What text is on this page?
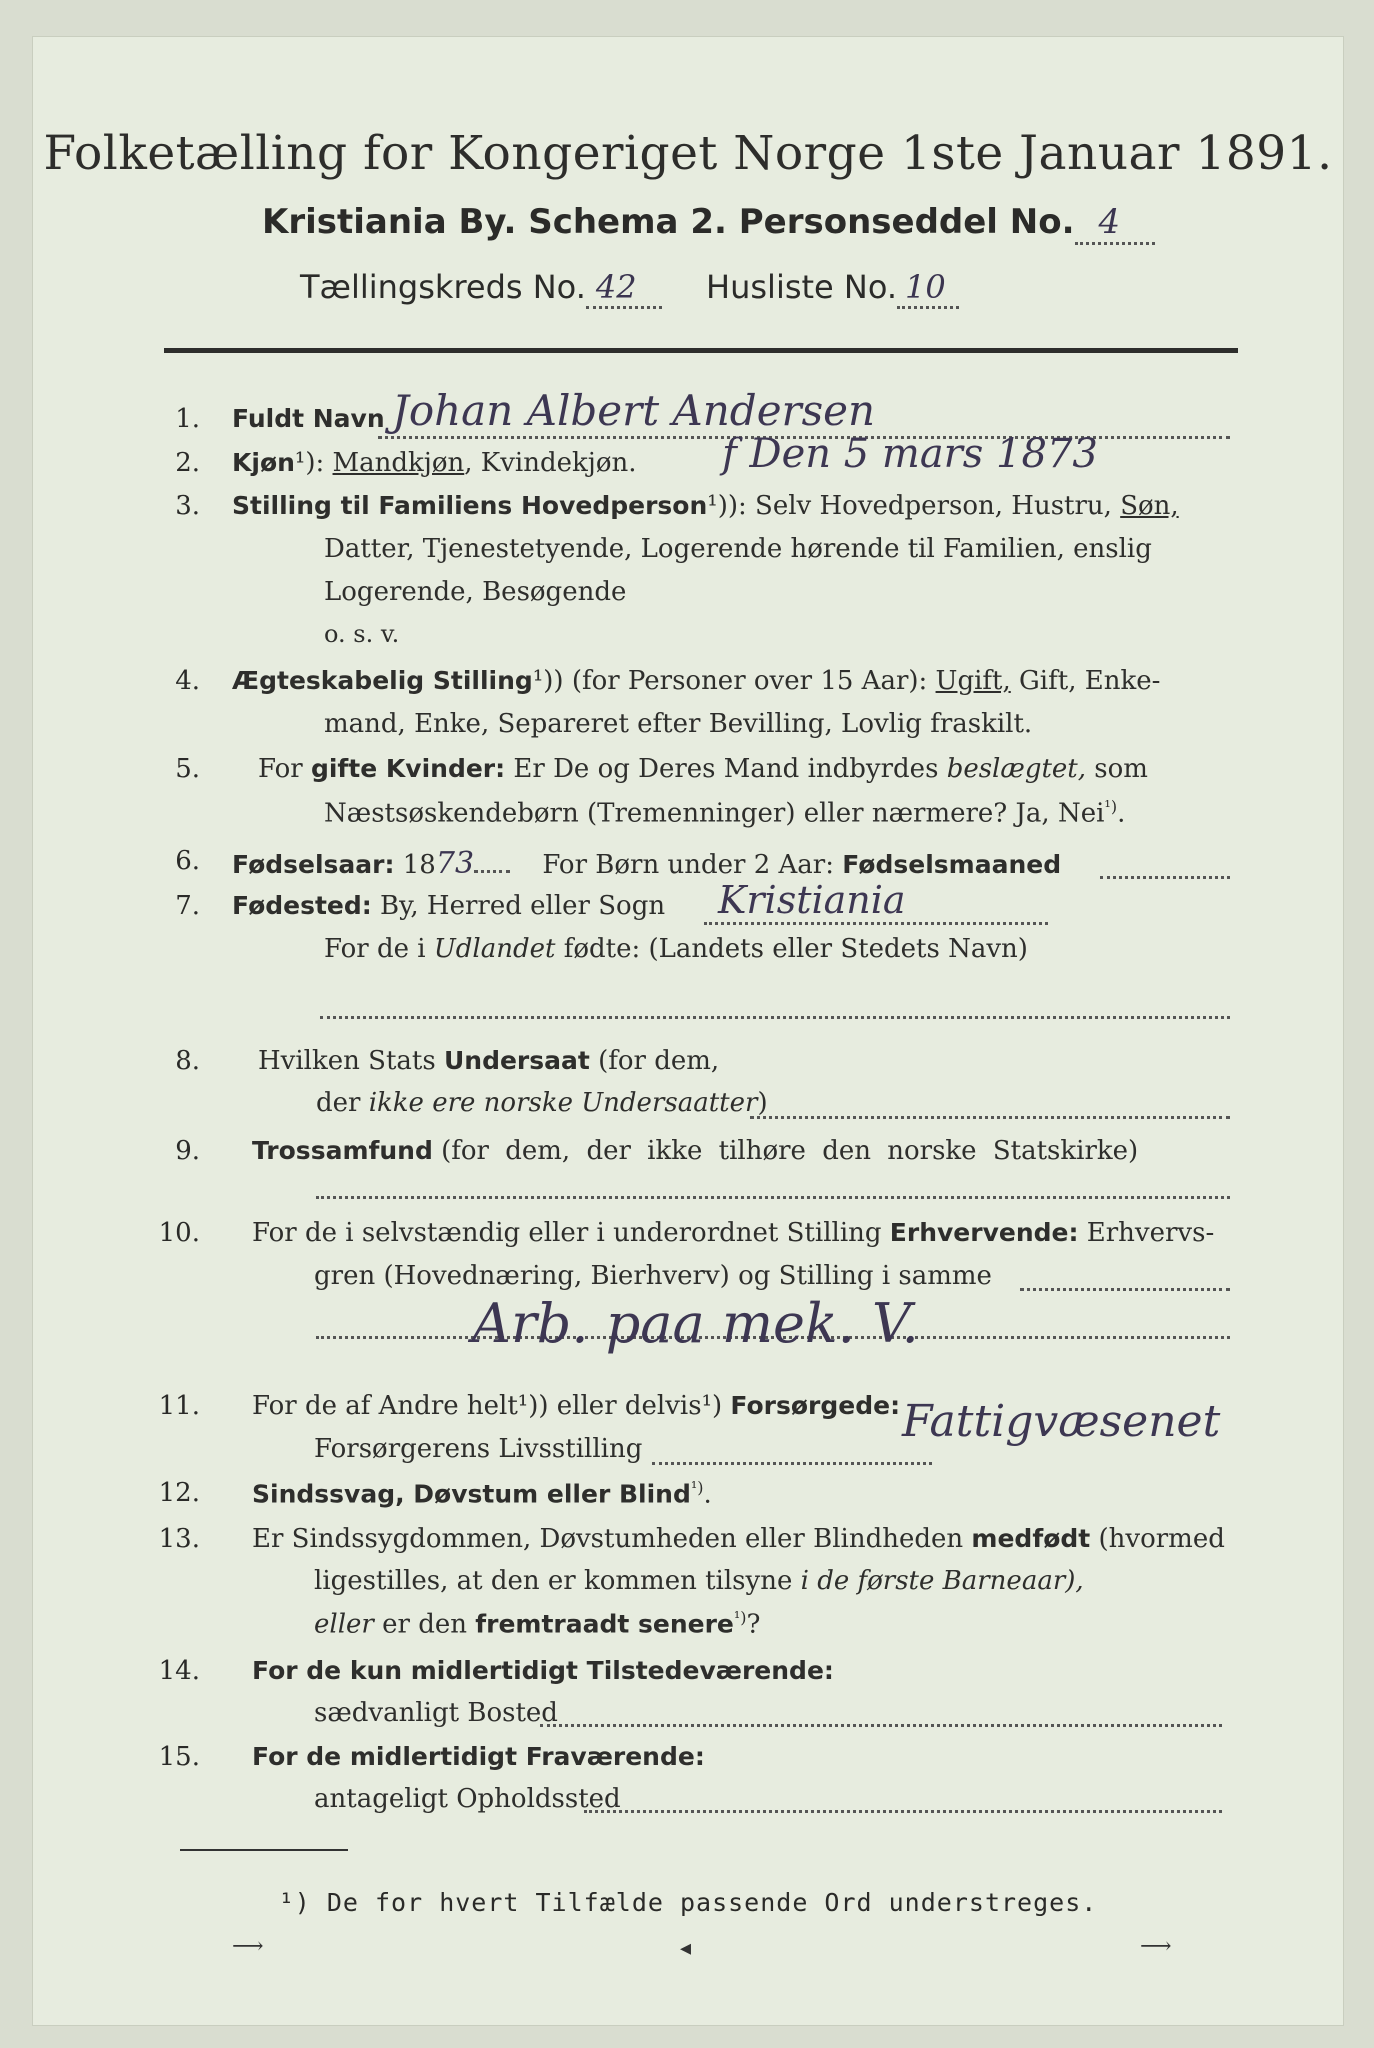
Folketælling for Kongeriget Norge 1ste Januar 1891.
Kristiania By. Schema 2. Personseddel No. 4
Tællingskreds No. 42 Husliste No. 10
1. Fuldt Navn Johan Albert Andersen
2. Kjøn¹): Mandkjøn, Kvindekjøn. f Den 5 mars 1873
3. Stilling til Familiens Hovedperson¹)): Selv Hovedperson, Hustru, Søn,
Datter, Tjenestetyende, Logerende hørende til Familien, enslig
Logerende, Besøgende
o. s. v.
4. Ægteskabelig Stilling¹)) (for Personer over 15 Aar): Ugift, Gift, Enke-
mand, Enke, Separeret efter Bevilling, Lovlig fraskilt.
5. For gifte Kvinder: Er De og Deres Mand indbyrdes beslægtet, som
Næstsøskendebørn (Tremenninger) eller nærmere? Ja, Nei$^{^1)}$.
6. Fødselsaar: 1873	For Børn under 2 Aar: Fødselsmaaned
7. Fødested: By, Herred eller Sogn Kristiania
For de i Udlandet fødte: (Landets eller Stedets Navn)
8. Hvilken Stats Undersaat (for dem,
der ikke ere norske Undersaatter)
9. Trossamfund (for dem, der ikke tilhøre den norske Statskirke)
10. For de i selvstændig eller i underordnet Stilling Erhvervende: Erhvervs-
gren (Hovednæring, Bierhverv) og Stilling i samme
Arb. paa mek. V.
11. For de af Andre helt¹)) eller delvis¹) Forsørgede:
Forsørgerens Livsstilling
Fattigvæsenet
12. Sindssvag, Døvstum eller Blind$^{^1)}$.
13. Er Sindssygdommen, Døvstumheden eller Blindheden medfødt (hvormed
ligestilles, at den er kommen tilsyne i de første Barneaar),
eller er den fremtraadt senere$^{^1)}$?
14. For de kun midlertidigt Tilstedeværende:
sædvanligt Bosted
15. For de midlertidigt Fraværende:
antageligt Opholdssted
¹) De for hvert Tilfælde passende Ord understreges.
⟶	◂	⟶
